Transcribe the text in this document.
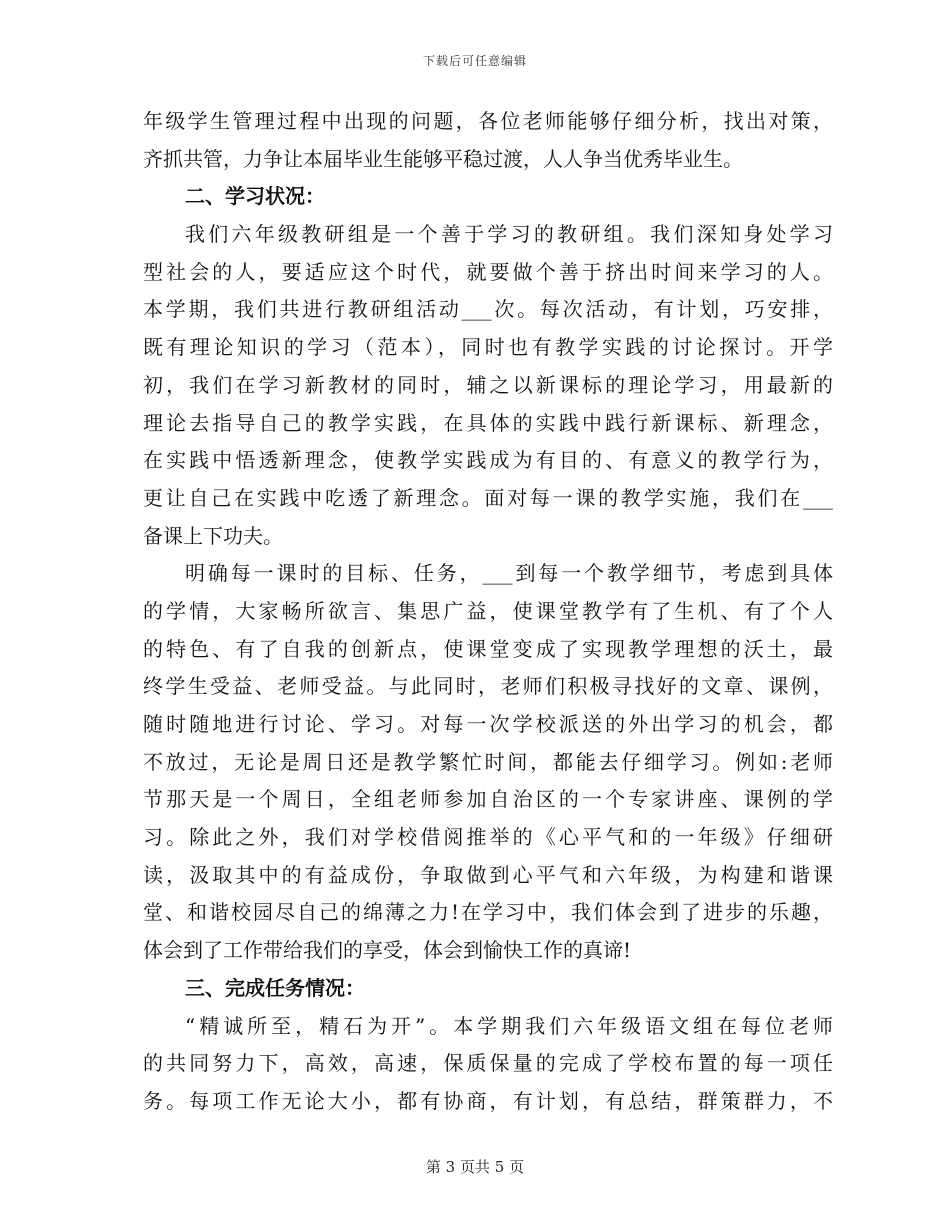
下载后可任意编辑
年级学生管理过程中出现的问题，各位老师能够仔细分析，找出对策，
齐抓共管，力争让本届毕业生能够平稳过渡，人人争当优秀毕业生。
二、学习状况：
我们六年级教研组是一个善于学习的教研组。我们深知身处学习
型社会的人，要适应这个时代，就要做个善于挤出时间来学习的人。
本学期，我们共进行教研组活动___次。每次活动，有计划，巧安排，
既有理论知识的学习（范本），同时也有教学实践的讨论探讨。开学
初，我们在学习新教材的同时，辅之以新课标的理论学习，用最新的
理论去指导自己的教学实践，在具体的实践中践行新课标、新理念，
在实践中悟透新理念，使教学实践成为有目的、有意义的教学行为，
更让自己在实践中吃透了新理念。面对每一课的教学实施，我们在___
备课上下功夫。
明确每一课时的目标、任务，___到每一个教学细节，考虑到具体
的学情，大家畅所欲言、集思广益，使课堂教学有了生机、有了个人
的特色、有了自我的创新点，使课堂变成了实现教学理想的沃土，最
终学生受益、老师受益。与此同时，老师们积极寻找好的文章、课例，
随时随地进行讨论、学习。对每一次学校派送的外出学习的机会，都
不放过，无论是周日还是教学繁忙时间，都能去仔细学习。例如:老师
节那天是一个周日，全组老师参加自治区的一个专家讲座、课例的学
习。除此之外，我们对学校借阅推举的《心平气和的一年级》仔细研
读，汲取其中的有益成份，争取做到心平气和六年级，为构建和谐课
堂、和谐校园尽自己的绵薄之力!在学习中，我们体会到了进步的乐趣，
体会到了工作带给我们的享受，体会到愉快工作的真谛!
三、完成任务情况：
“精诚所至，精石为开”。本学期我们六年级语文组在每位老师
的共同努力下，高效，高速，保质保量的完成了学校布置的每一项任
务。每项工作无论大小，都有协商，有计划，有总结，群策群力，不
第 3 页共 5 页
